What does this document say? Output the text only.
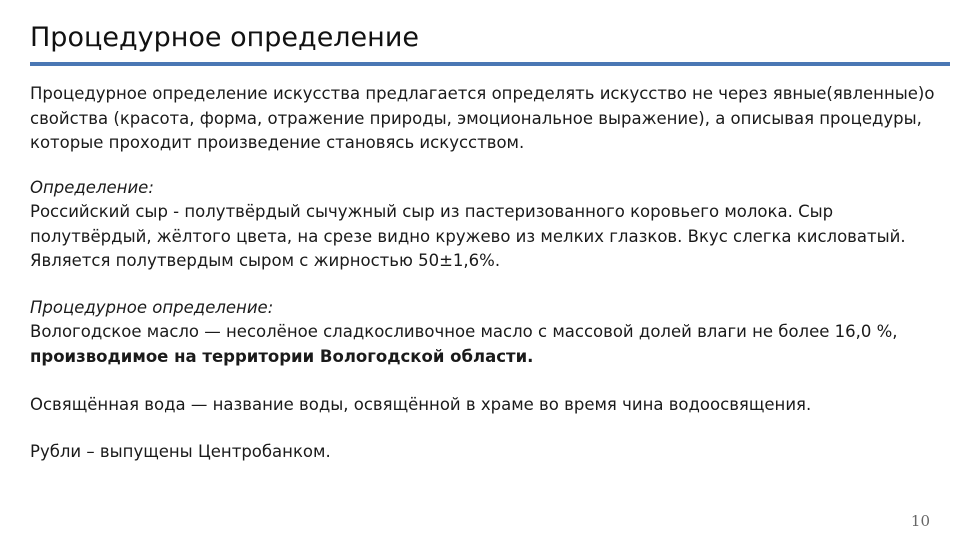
Процедурное определение

Процедурное определение искусства предлагается определять искусство не через явные(явленные)о свойства (красота, форма, отражение природы, эмоциональное выражение), а описывая процедуры, которые проходит произведение становясь искусством.

Определение:

Российский сыр - полутвёрдый сычужный сыр из пастеризованного коровьего молока. Сыр полутвёрдый, жёлтого цвета, на срезе видно кружево из мелких глазков. Вкус слегка кисловатый. Является полутвердым сыром с жирностью 50±1,6%.

Процедурное определение:

Вологодское масло — несолёное сладкосливочное масло с массовой долей влаги не более 16,0 %, производимое на территории Вологодской области.

Освящённая вода — название воды, освящённой в храме во время чина водоосвящения.

Рубли – выпущены Центробанком.

10
